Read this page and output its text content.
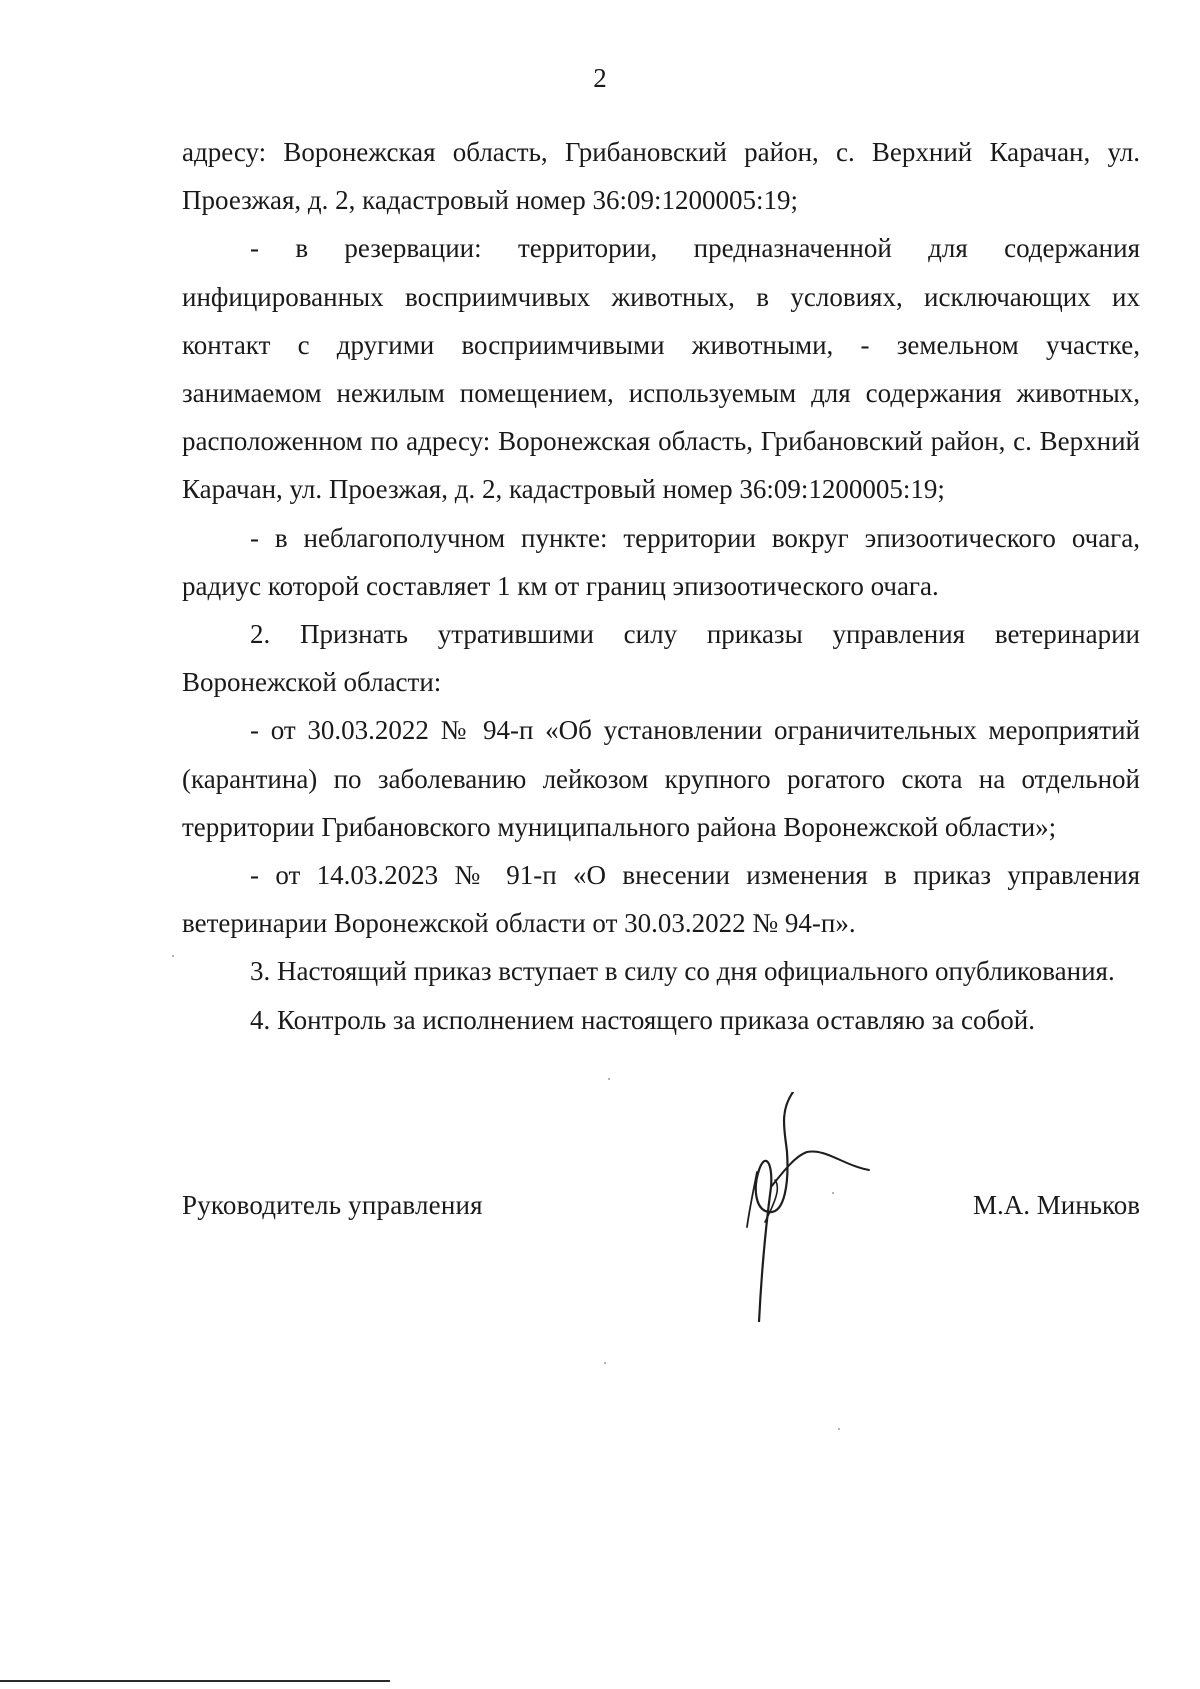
2

адресу: Воронежская область, Грибановский район, с. Верхний Карачан, ул. Проезжая, д. 2, кадастровый номер 36:09:1200005:19;

- в резервации: территории, предназначенной для содержания инфицированных восприимчивых животных, в условиях, исключающих их контакт с другими восприимчивыми животными, - земельном участке, занимаемом нежилым помещением, используемым для содержания животных, расположенном по адресу: Воронежская область, Грибановский район, с. Верхний Карачан, ул. Проезжая, д. 2, кадастровый номер 36:09:1200005:19;

- в неблагополучном пункте: территории вокруг эпизоотического очага, радиус которой составляет 1 км от границ эпизоотического очага.

2. Признать утратившими силу приказы управления ветеринарии Воронежской области:

- от 30.03.2022 № 94-п «Об установлении ограничительных мероприятий (карантина) по заболеванию лейкозом крупного рогатого скота на отдельной территории Грибановского муниципального района Воронежской области»;

- от 14.03.2023 № 91-п «О внесении изменения в приказ управления ветеринарии Воронежской области от 30.03.2022 № 94-п».

3. Настоящий приказ вступает в силу со дня официального опубликования.

4. Контроль за исполнением настоящего приказа оставляю за собой.

Руководитель управления	М.А. Миньков
